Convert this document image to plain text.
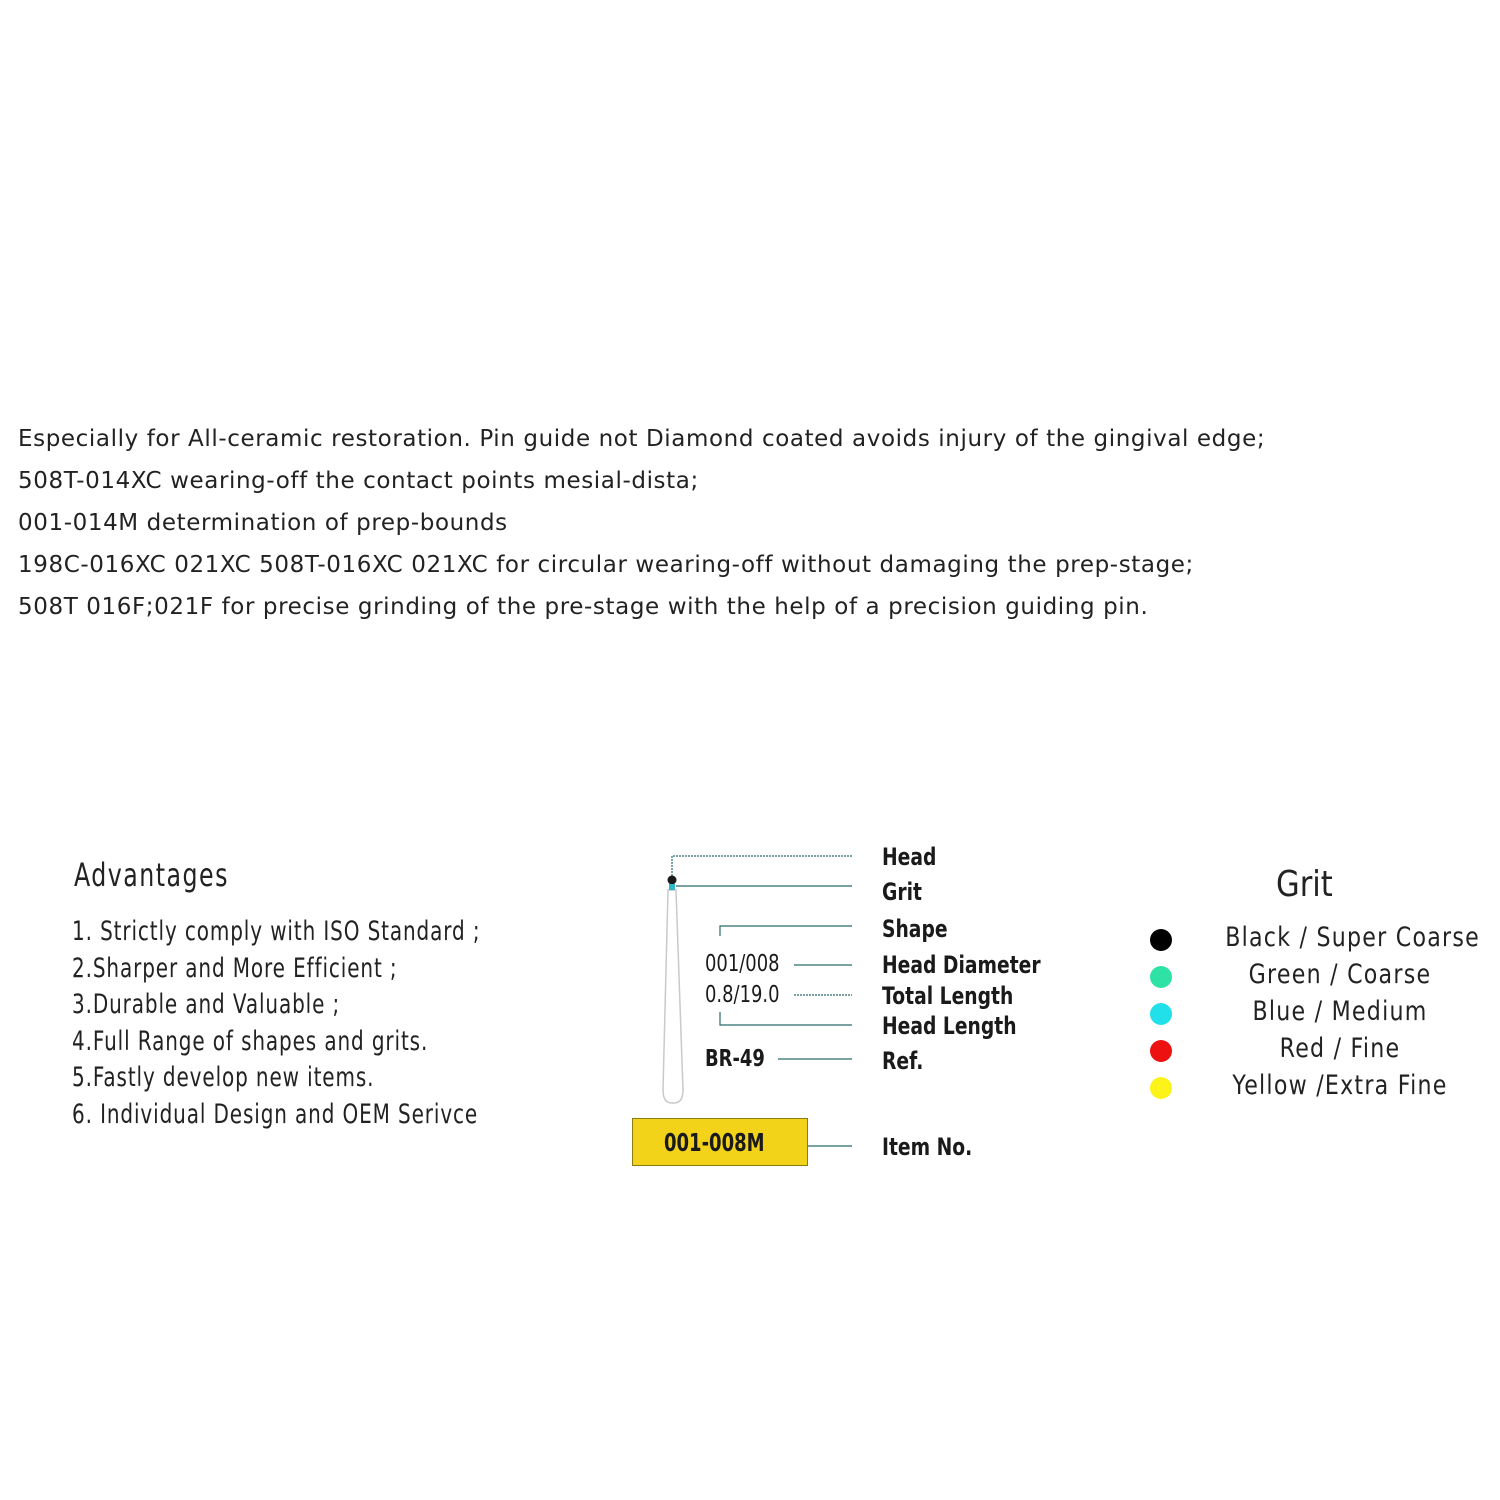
Especially for All-ceramic restoration. Pin guide not Diamond coated avoids injury of the gingival edge;
508T-014XC wearing-off the contact points mesial-dista;
001-014M determination of prep-bounds
198C-016XC 021XC 508T-016XC 021XC for circular wearing-off without damaging the prep-stage;
508T 016F;021F for precise grinding of the pre-stage with the help of a precision guiding pin.
Advantages
1. Strictly comply with ISO Standard ;
2.Sharper and More Efficient ;
3.Durable and Valuable ;
4.Full Range of shapes and grits.
5.Fastly develop new items.
6. Individual Design and OEM Serivce
Head
Grit
Shape
Head Diameter
Total Length
Head Length
Ref.
Item No.
001/008
0.8/19.0
BR-49
001-008M
Grit
Black / Super Coarse
Green / Coarse
Blue / Medium
Red / Fine
Yellow /Extra Fine
